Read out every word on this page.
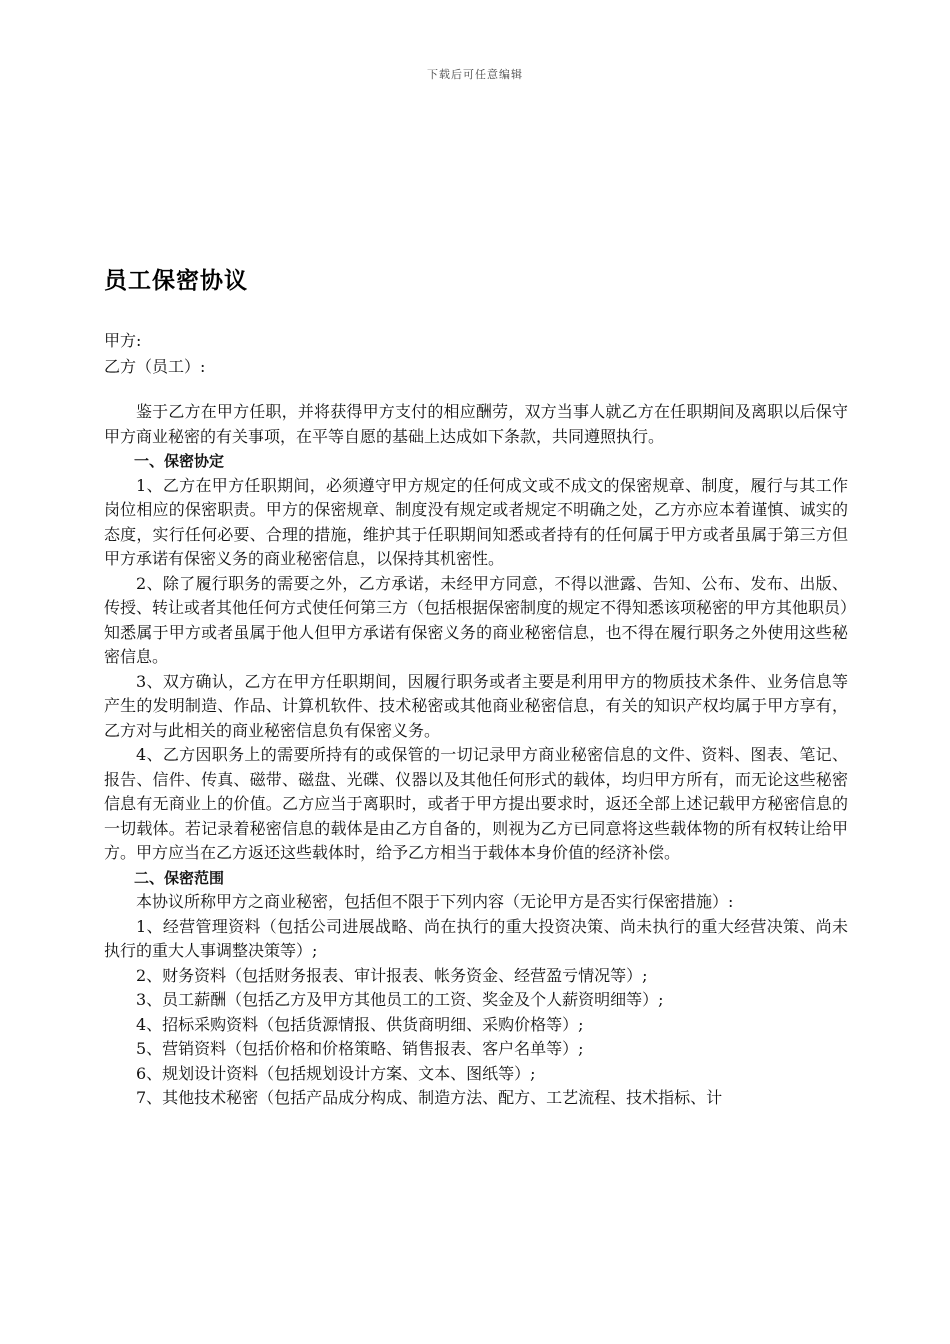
下载后可任意编辑
员工保密协议
甲方:
乙方（员工）:

鉴于乙方在甲方任职，并将获得甲方支付的相应酬劳，双方当事人就乙方在任职期间及离职以后保守甲方商业秘密的有关事项，在平等自愿的基础上达成如下条款，共同遵照执行。

一、保密协定

1、乙方在甲方任职期间，必须遵守甲方规定的任何成文或不成文的保密规章、制度，履行与其工作岗位相应的保密职责。甲方的保密规章、制度没有规定或者规定不明确之处，乙方亦应本着谨慎、诚实的态度，实行任何必要、合理的措施，维护其于任职期间知悉或者持有的任何属于甲方或者虽属于第三方但甲方承诺有保密义务的商业秘密信息，以保持其机密性。

2、除了履行职务的需要之外，乙方承诺，未经甲方同意，不得以泄露、告知、公布、发布、出版、传授、转让或者其他任何方式使任何第三方（包括根据保密制度的规定不得知悉该项秘密的甲方其他职员）知悉属于甲方或者虽属于他人但甲方承诺有保密义务的商业秘密信息，也不得在履行职务之外使用这些秘密信息。

3、双方确认，乙方在甲方任职期间，因履行职务或者主要是利用甲方的物质技术条件、业务信息等产生的发明制造、作品、计算机软件、技术秘密或其他商业秘密信息，有关的知识产权均属于甲方享有，乙方对与此相关的商业秘密信息负有保密义务。

4、乙方因职务上的需要所持有的或保管的一切记录甲方商业秘密信息的文件、资料、图表、笔记、报告、信件、传真、磁带、磁盘、光碟、仪器以及其他任何形式的载体，均归甲方所有，而无论这些秘密信息有无商业上的价值。乙方应当于离职时，或者于甲方提出要求时，返还全部上述记载甲方秘密信息的一切载体。若记录着秘密信息的载体是由乙方自备的，则视为乙方已同意将这些载体物的所有权转让给甲方。甲方应当在乙方返还这些载体时，给予乙方相当于载体本身价值的经济补偿。

二、保密范围

本协议所称甲方之商业秘密，包括但不限于下列内容（无论甲方是否实行保密措施）:

1、经营管理资料（包括公司进展战略、尚在执行的重大投资决策、尚未执行的重大经营决策、尚未执行的重大人事调整决策等）;

2、财务资料（包括财务报表、审计报表、帐务资金、经营盈亏情况等）;

3、员工薪酬（包括乙方及甲方其他员工的工资、奖金及个人薪资明细等）;

4、招标采购资料（包括货源情报、供货商明细、采购价格等）;

5、营销资料（包括价格和价格策略、销售报表、客户名单等）;

6、规划设计资料（包括规划设计方案、文本、图纸等）;

7、其他技术秘密（包括产品成分构成、制造方法、配方、工艺流程、技术指标、计
